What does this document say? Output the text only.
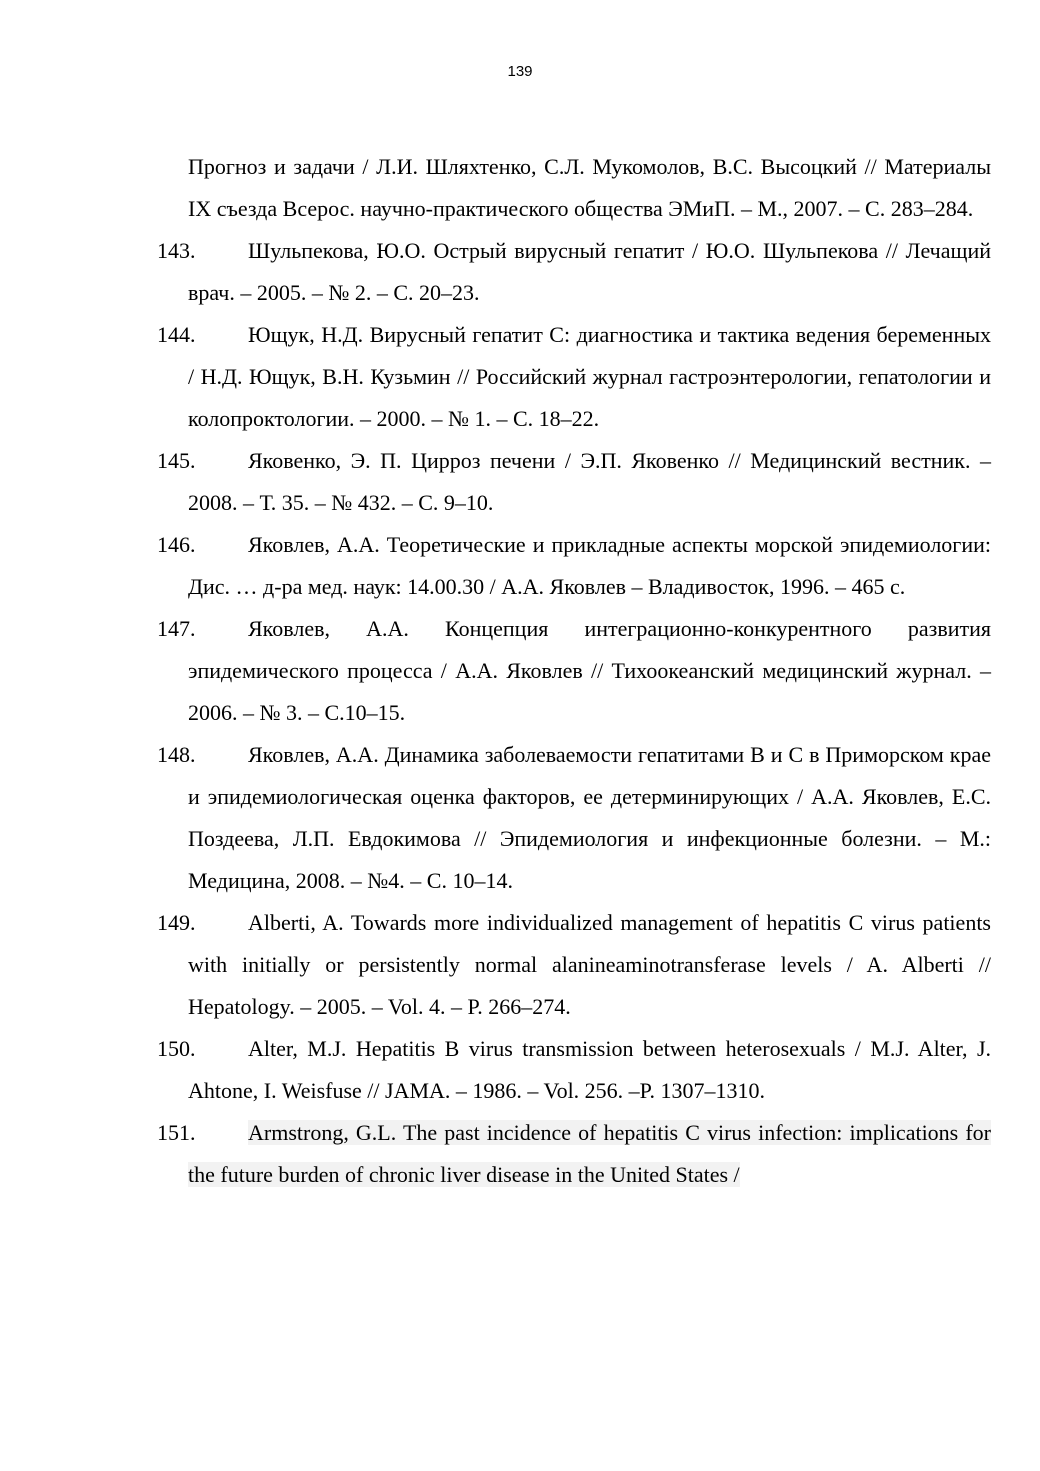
139
Прогноз и задачи / Л.И. Шляхтенко, С.Л. Мукомолов, В.С. Высоцкий // Материалы IX съезда Всерос. научно-практического общества ЭМиП. – М., 2007. – С. 283–284.
143. Шульпекова, Ю.О. Острый вирусный гепатит / Ю.О. Шульпекова // Лечащий врач. – 2005. – № 2. – С. 20–23.
144. Ющук, Н.Д. Вирусный гепатит С: диагностика и тактика ведения беременных / Н.Д. Ющук, В.Н. Кузьмин // Российский журнал гастроэнтерологии, гепатологии и колопроктологии. – 2000. – № 1. – С. 18–22.
145. Яковенко, Э. П. Цирроз печени / Э.П. Яковенко // Медицинский вестник. – 2008. – Т. 35. – № 432. – С. 9–10.
146. Яковлев, А.А. Теоретические и прикладные аспекты морской эпидемиологии: Дис. … д-ра мед. наук: 14.00.30 / А.А. Яковлев – Владивосток, 1996. – 465 с.
147. Яковлев, А.А. Концепция интеграционно-конкурентного развития эпидемического процесса / А.А. Яковлев // Тихоокеанский медицинский журнал. – 2006. – № 3. – С.10–15.
148. Яковлев, А.А. Динамика заболеваемости гепатитами В и С в Приморском крае и эпидемиологическая оценка факторов, ее детерминирующих / А.А. Яковлев, Е.С. Поздеева, Л.П. Евдокимова // Эпидемиология и инфекционные болезни. – М.: Медицина, 2008. – №4. – С. 10–14.
149. Alberti, A. Towards more individualized management of hepatitis C virus patients with initially or persistently normal alanineaminotransferase levels / A. Alberti // Hepatology. – 2005. – Vol. 4. – P. 266–274.
150. Alter, M.J. Hepatitis B virus transmission between heterosexuals / M.J. Alter, J. Ahtone, I. Weisfuse // JAMA. – 1986. – Vol. 256. –P. 1307–1310.
151. Armstrong, G.L. The past incidence of hepatitis C virus infection: implications for the future burden of chronic liver disease in the United States /
